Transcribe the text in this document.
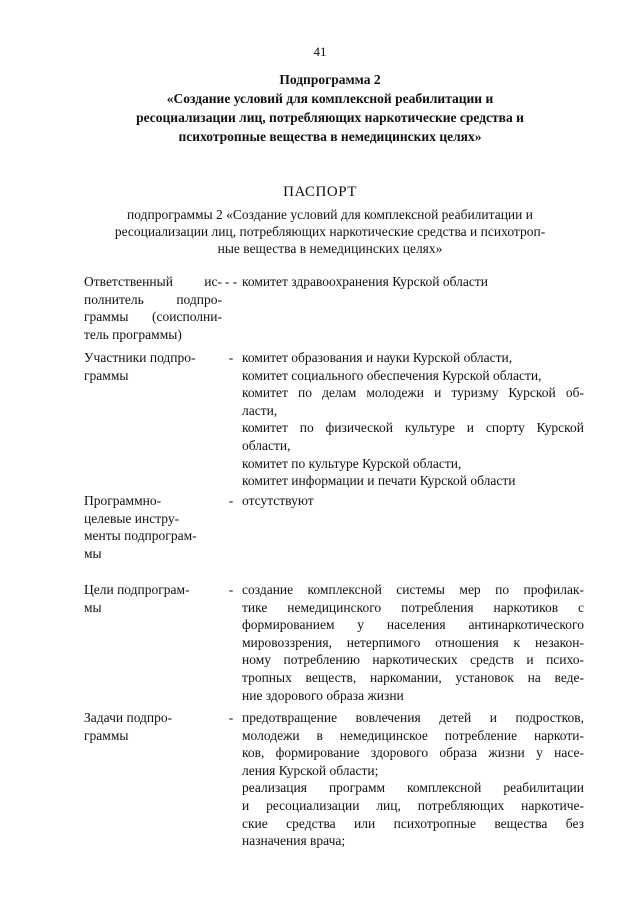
41
Подпрограмма 2
«Создание условий для комплексной реабилитации и
ресоциализации лиц, потребляющих наркотические средства и
психотропные вещества в немедицинских целях»
ПАСПОРТ
подпрограммы 2 «Создание условий для комплексной реабилитации и
ресоциализации лиц, потребляющих наркотические средства и психотроп-
ные вещества в немедицинских целях»
Ответственный ис-
полнитель подпро-
граммы (соисполни-
тель программы)
- - комитет здравоохранения Курской области
Участники подпро-
граммы
- комитет образования и науки Курской области,
комитет социального обеспечения Курской области,
комитет по делам молодежи и туризму Курской об-
ласти,
комитет по физической культуре и спорту Курской
области,
комитет по культуре Курской области,
комитет информации и печати Курской области
Программно-
целевые инстру-
менты подпрограм-
мы
- отсутствуют
Цели подпрограм-
мы
- создание комплексной системы мер по профилак-
тике немедицинского потребления наркотиков с
формированием у населения антинаркотического
мировоззрения, нетерпимого отношения к незакон-
ному потреблению наркотических средств и психо-
тропных веществ, наркомании, установок на веде-
ние здорового образа жизни
Задачи подпро-
граммы
- предотвращение вовлечения детей и подростков,
молодежи в немедицинское потребление наркоти-
ков, формирование здорового образа жизни у насе-
ления Курской области;
реализация программ комплексной реабилитации
и ресоциализации лиц, потребляющих наркотиче-
ские средства или психотропные вещества без
назначения врача;
